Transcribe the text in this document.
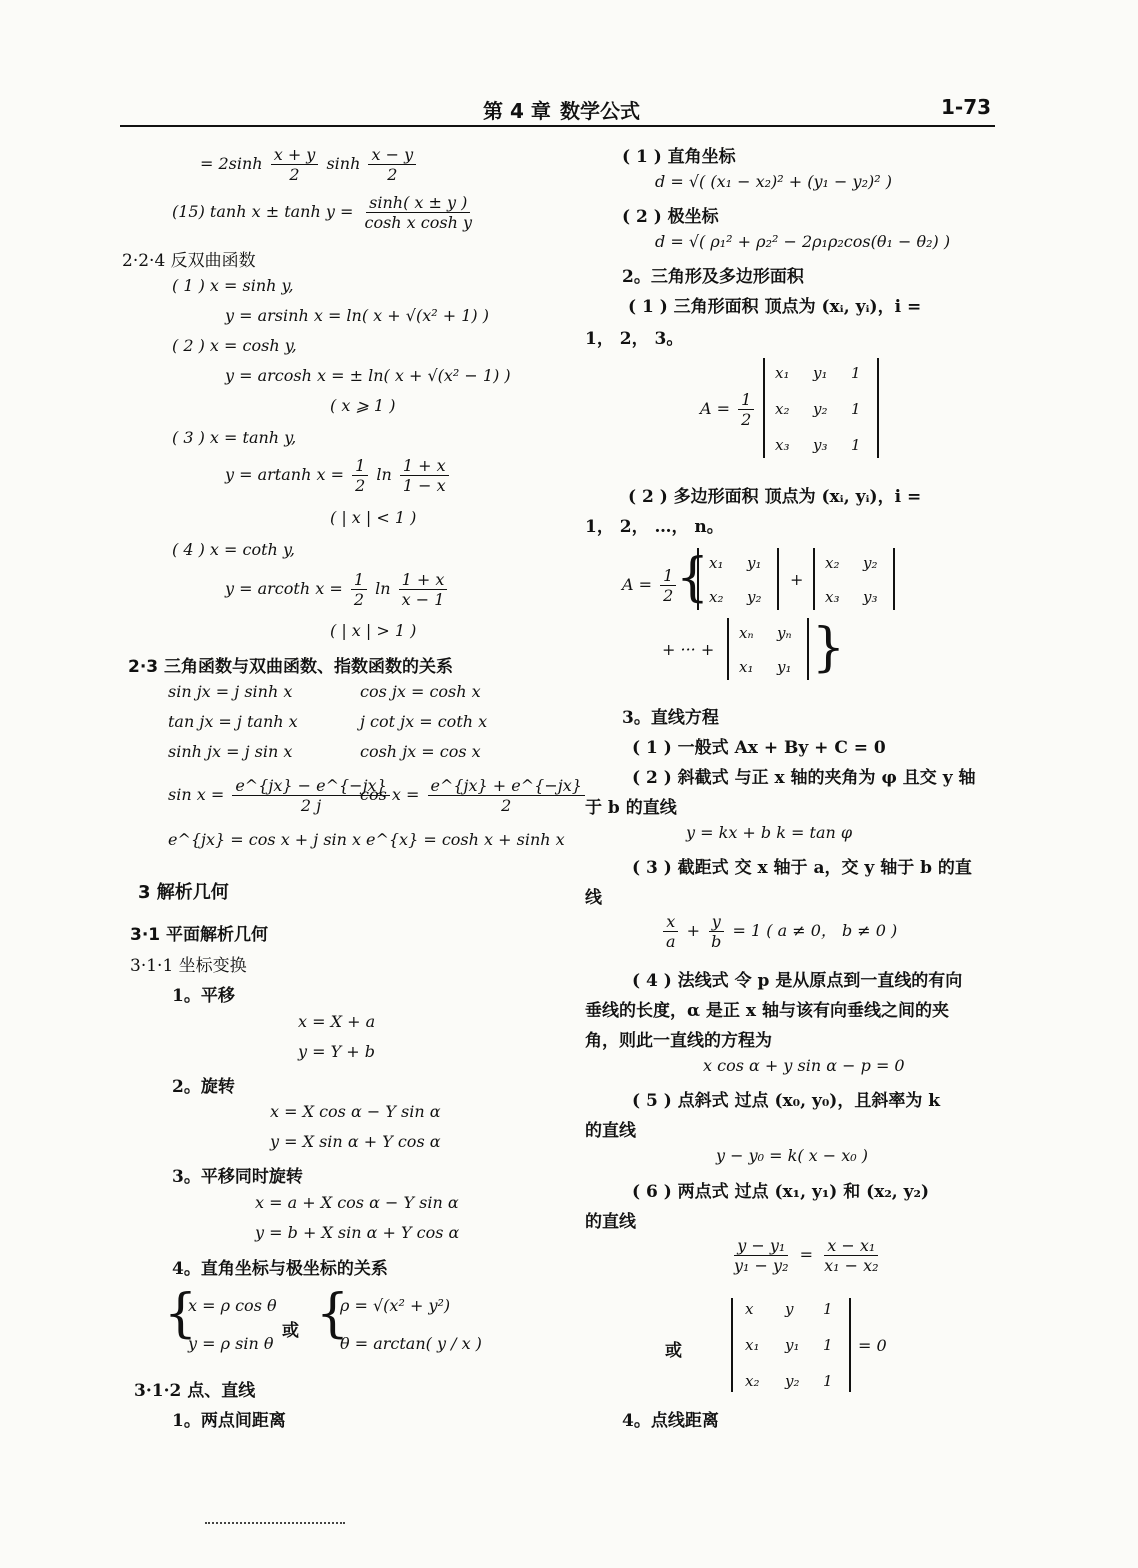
第 4 章 数学公式	1-73
= $2\sinh \frac{x + y}{2}$ $\sinh \frac{x - y}{2}$
(15) $\tanh x \pm \tanh y = \frac{\sinh( x \pm y )}{\text{cosh x cosh y}}$
2·2·4 反双曲函数
( 1 ) x = sinh y,
y = arsinh x = ln( x + √(x² + 1) )
( 2 ) x = cosh y,
y = arcosh x = ± ln( x + √(x² − 1) )
( x ⩾ 1 )
( 3 ) x = tanh y,
y = artanh $x = \frac{1}{2}$ $\ln \frac{1 + x}{1 - x}$
( | x | < 1 )
( 4 ) x = coth y,
y = arcoth $x = \frac{1}{2}$ $\ln \frac{1 + x}{x - 1}$
( | x | > 1 )
2·3 三角函数与双曲函数、指数函数的关系
sin jx = j sinh x	cos jx = cosh x
tan jx = j tanh x	j cot jx = coth x
sinh jx = j sin x	cosh jx = cos x
$\sin x = \frac{e\^{}\{jx\} - e\^{}\{-jx\}}{2 j}$
$\cos x = \frac{e\^{}\{jx\} + e\^{}\{-jx\}}{2}$
e^{jx} = cos x + j sin x e^{x} = cosh x + sinh x
3 解析几何
3·1 平面解析几何
3·1·1 坐标变换
1。平移
x = X + a
y = Y + b
2。旋转
x = X cos α − Y sin α
y = X sin α + Y cos α
3。平移同时旋转
x = a + X cos α − Y sin α
y = b + X sin α + Y cos α
4。直角坐标与极坐标的关系
{
x = ρ cos θ
y = ρ sin θ
或 {
ρ = √(x² + y²)
θ = arctan( y / x )
3·1·2 点、直线
1。两点间距离
( 1 ) 直角坐标
d = √( (x₁ − x₂)² + (y₁ − y₂)² )
( 2 ) 极坐标
d = √( ρ₁² + ρ₂² − 2ρ₁ρ₂cos(θ₁ − θ₂) )
2。三角形及多边形面积
( 1 ) 三角形面积 顶点为 (xᵢ, yᵢ)，i =
1， 2， 3。
$A = \frac{1}{2}$
x₁ y₁ 1
x₂ y₂ 1
x₃ y₃ 1
( 2 ) 多边形面积 顶点为 (xᵢ, yᵢ)，i =
1， 2， …， n。
$A = \frac{1}{2}$ { x₁ y₁
x₂ y₂
+
x₂ y₂
x₃ y₃
+ ··· +
xₙ yₙ
x₁ y₁ }
3。直线方程
( 1 ) 一般式 Ax + By + C = 0
( 2 ) 斜截式 与正 x 轴的夹角为 φ 且交 y 轴
于 b 的直线
y = kx + b k = tan φ
( 3 ) 截距式 交 x 轴于 a，交 y 轴于 b 的直
线
$\frac{x}{a} + \frac{y}{b} = 1$ ( a ≠ 0， b ≠ 0 )
( 4 ) 法线式 令 p 是从原点到一直线的有向
垂线的长度，α 是正 x 轴与该有向垂线之间的夹
角，则此一直线的方程为
x cos α + y sin α − p = 0
( 5 ) 点斜式 过点 (x₀, y₀)，且斜率为 k
的直线
y − y₀ = k( x − x₀ )
( 6 ) 两点式 过点 (x₁, y₁) 和 (x₂, y₂)
的直线
$\frac{\text{y − y₁}}{\text{y₁ − y₂}} = \frac{\text{x − x₁}}{\text{x₁ − x₂}}$
或
x y 1
x₁ y₁ 1
x₂ y₂ 1
= 0
4。点线距离
